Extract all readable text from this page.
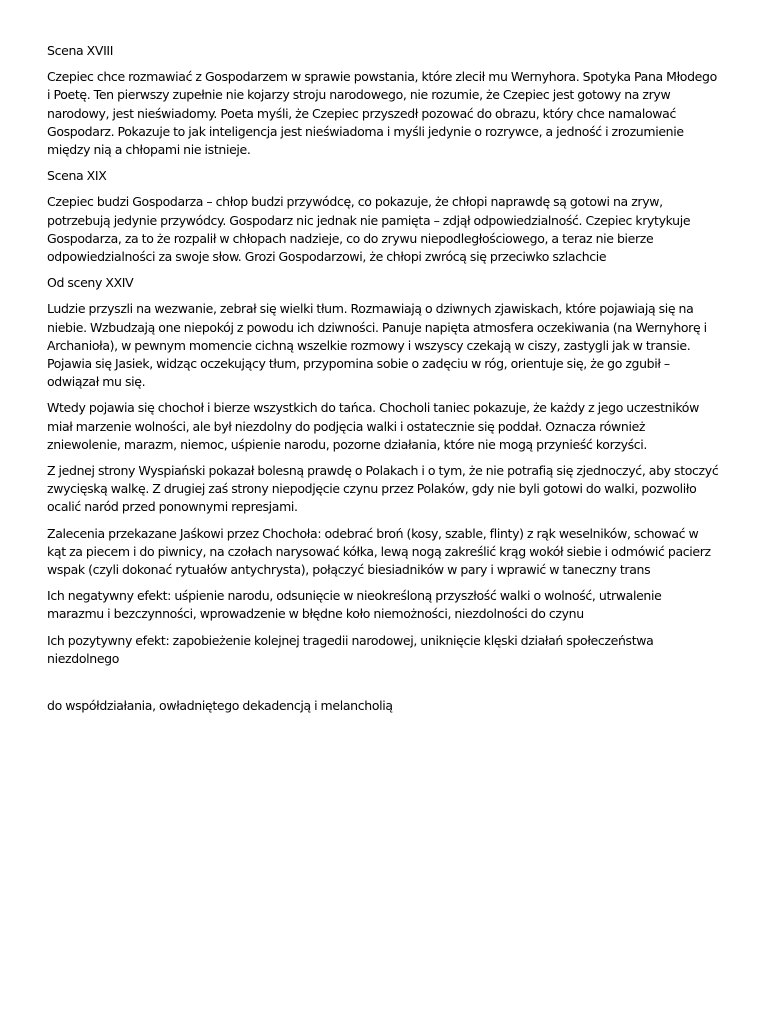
Scena XVIII

Czepiec chce rozmawiać z Gospodarzem w sprawie powstania, które zlecił mu Wernyhora. Spotyka Pana Młodego i Poetę. Ten pierwszy zupełnie nie kojarzy stroju narodowego, nie rozumie, że Czepiec jest gotowy na zryw narodowy, jest nieświadomy. Poeta myśli, że Czepiec przyszedł pozować do obrazu, który chce namalować Gospodarz. Pokazuje to jak inteligencja jest nieświadoma i myśli jedynie o rozrywce, a jedność i zrozumienie między nią a chłopami nie istnieje.

Scena XIX

Czepiec budzi Gospodarza – chłop budzi przywódcę, co pokazuje, że chłopi naprawdę są gotowi na zryw, potrzebują jedynie przywódcy. Gospodarz nic jednak nie pamięta – zdjął odpowiedzialność. Czepiec krytykuje Gospodarza, za to że rozpalił w chłopach nadzieje, co do zrywu niepodległościowego, a teraz nie bierze odpowiedzialności za swoje słow. Grozi Gospodarzowi, że chłopi zwrócą się przeciwko szlachcie

Od sceny XXIV

Ludzie przyszli na wezwanie, zebrał się wielki tłum. Rozmawiają o dziwnych zjawiskach, które pojawiają się na niebie. Wzbudzają one niepokój z powodu ich dziwności. Panuje napięta atmosfera oczekiwania (na Wernyhorę i Archanioła), w pewnym momencie cichną wszelkie rozmowy i wszyscy czekają w ciszy, zastygli jak w transie. Pojawia się Jasiek, widząc oczekujący tłum, przypomina sobie o zadęciu w róg, orientuje się, że go zgubił – odwiązał mu się.

Wtedy pojawia się chochoł i bierze wszystkich do tańca. Chocholi taniec pokazuje, że każdy z jego uczestników miał marzenie wolności, ale był niezdolny do podjęcia walki i ostatecznie się poddał. Oznacza również zniewolenie, marazm, niemoc, uśpienie narodu, pozorne działania, które nie mogą przynieść korzyści.

Z jednej strony Wyspiański pokazał bolesną prawdę o Polakach i o tym, że nie potrafią się zjednoczyć, aby stoczyć zwycięską walkę. Z drugiej zaś strony niepodjęcie czynu przez Polaków, gdy nie byli gotowi do walki, pozwoliło ocalić naród przed ponownymi represjami.

Zalecenia przekazane Jaśkowi przez Chochoła: odebrać broń (kosy, szable, flinty) z rąk weselników, schować w kąt za piecem i do piwnicy, na czołach narysować kółka, lewą nogą zakreślić krąg wokół siebie i odmówić pacierz wspak (czyli dokonać rytuałów antychrysta), połączyć biesiadników w pary i wprawić w taneczny trans

Ich negatywny efekt: uśpienie narodu, odsunięcie w nieokreśloną przyszłość walki o wolność, utrwalenie marazmu i bezczynności, wprowadzenie w błędne koło niemożności, niezdolności do czynu

Ich pozytywny efekt: zapobieżenie kolejnej tragedii narodowej, uniknięcie klęski działań społeczeństwa niezdolnego

do współdziałania, owładniętego dekadencją i melancholią
